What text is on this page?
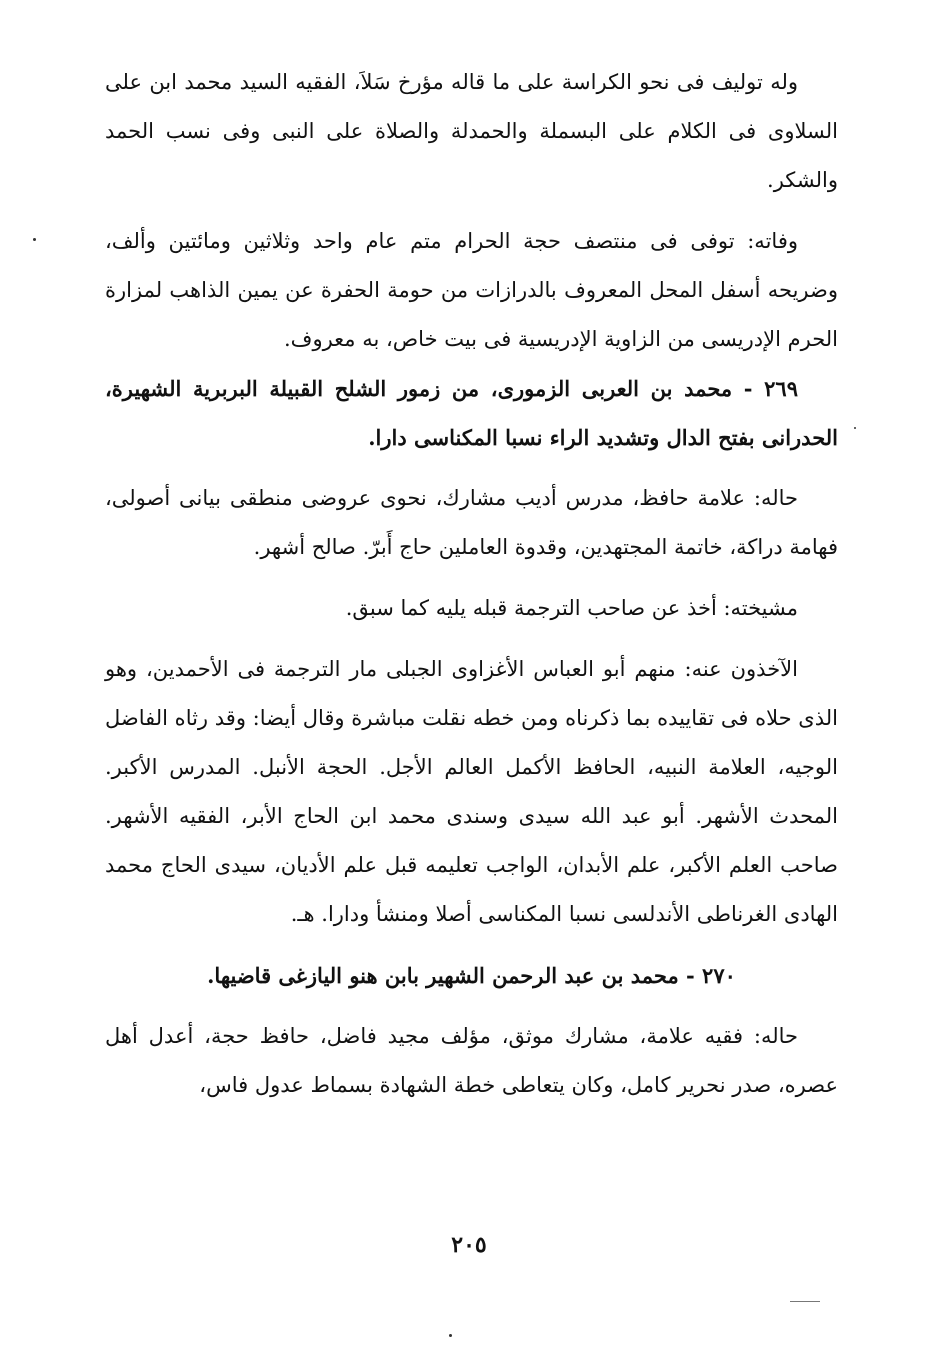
وله توليف فى نحو الكراسة على ما قاله مؤرخ سَلاَ، الفقيه السيد محمد ابن على السلاوى فى الكلام على البسملة والحمدلة والصلاة على النبى وفى نسب الحمد والشكر.

وفاته: توفى فى منتصف حجة الحرام متم عام واحد وثلاثين ومائتين وألف، وضريحه أسفل المحل المعروف بالدرازات من حومة الحفرة عن يمين الذاهب لمزارة الحرم الإدريسى من الزاوية الإدريسية فى بيت خاص، به معروف.

٢٦٩ - محمد بن العربى الزمورى، من زمور الشلح القبيلة البربرية الشهيرة، الحدرانى بفتح الدال وتشديد الراء نسبا المكناسى دارا.

حاله: علامة حافظ، مدرس أديب مشارك، نحوى عروضى منطقى بيانى أصولى، فهامة دراكة، خاتمة المجتهدين، وقدوة العاملين حاج أَبرّ. صالح أشهر.

مشيخته: أخذ عن صاحب الترجمة قبله يليه كما سبق.

الآخذون عنه: منهم أبو العباس الأغزاوى الجبلى مار الترجمة فى الأحمدين، وهو الذى حلاه فى تقاييده بما ذكرناه ومن خطه نقلت مباشرة وقال أيضا: وقد رثاه الفاضل الوجيه، العلامة النبيه، الحافظ الأكمل العالم الأجل. الحجة الأنبل. المدرس الأكبر. المحدث الأشهر. أبو عبد الله سيدى وسندى محمد ابن الحاج الأبر، الفقيه الأشهر. صاحب العلم الأكبر، علم الأبدان، الواجب تعليمه قبل علم الأديان، سيدى الحاج محمد الهادى الغرناطى الأندلسى نسبا المكناسى أصلا ومنشأ ودارا. هـ.

٢٧٠ - محمد بن عبد الرحمن الشهير بابن هنو اليازغى قاضيها.

حاله: فقيه علامة، مشارك موثق، مؤلف مجيد فاضل، حافظ حجة، أعدل أهل عصره، صدر نحرير كامل، وكان يتعاطى خطة الشهادة بسماط عدول فاس،

٢٠٥
